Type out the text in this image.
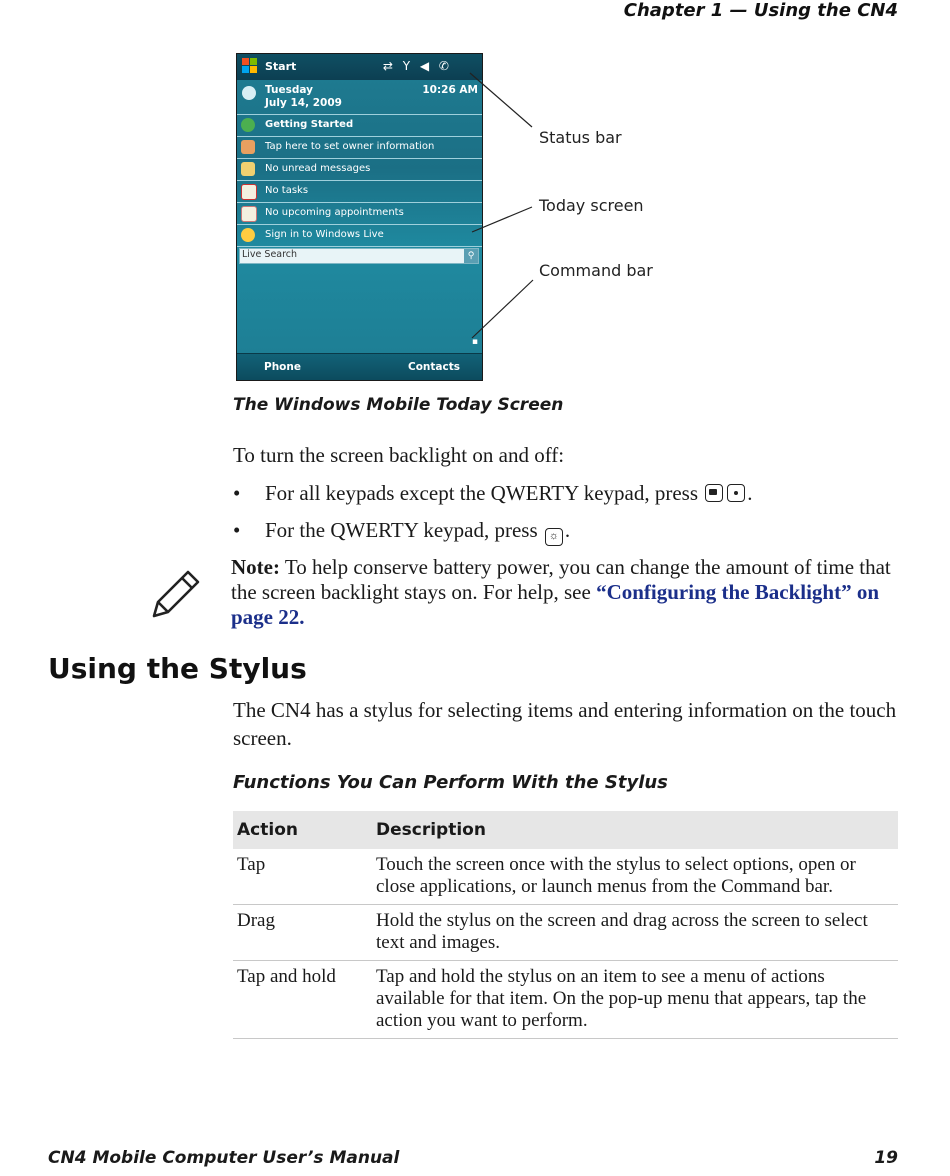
Chapter 1 — Using the CN4
Start	⇄ Y ◀ ✆
Tuesday
July 14, 2009
10:26 AM
Getting Started
Tap here to set owner information
No unread messages
No tasks
No upcoming appointments
Sign in to Windows Live
Live Search	⚲
▪
Phone	Contacts
Status bar
Today screen
Command bar
The Windows Mobile Today Screen
To turn the screen backlight on and off:
• For all keypads except the QWERTY keypad, press .
• For the QWERTY keypad, press ☼ .
Note: To help conserve battery power, you can change the amount of time that the screen backlight stays on. For help, see “Configuring the Backlight” on page 22.
Using the Stylus
The CN4 has a stylus for selecting items and entering information on the touch screen.
Functions You Can Perform With the Stylus
Action	Description
Tap	Touch the screen once with the stylus to select options, open or close applications, or launch menus from the Command bar.
Drag	Hold the stylus on the screen and drag across the screen to select text and images.
Tap and hold	Tap and hold the stylus on an item to see a menu of actions available for that item. On the pop-up menu that appears, tap the action you want to perform.
CN4 Mobile Computer User’s Manual	19
